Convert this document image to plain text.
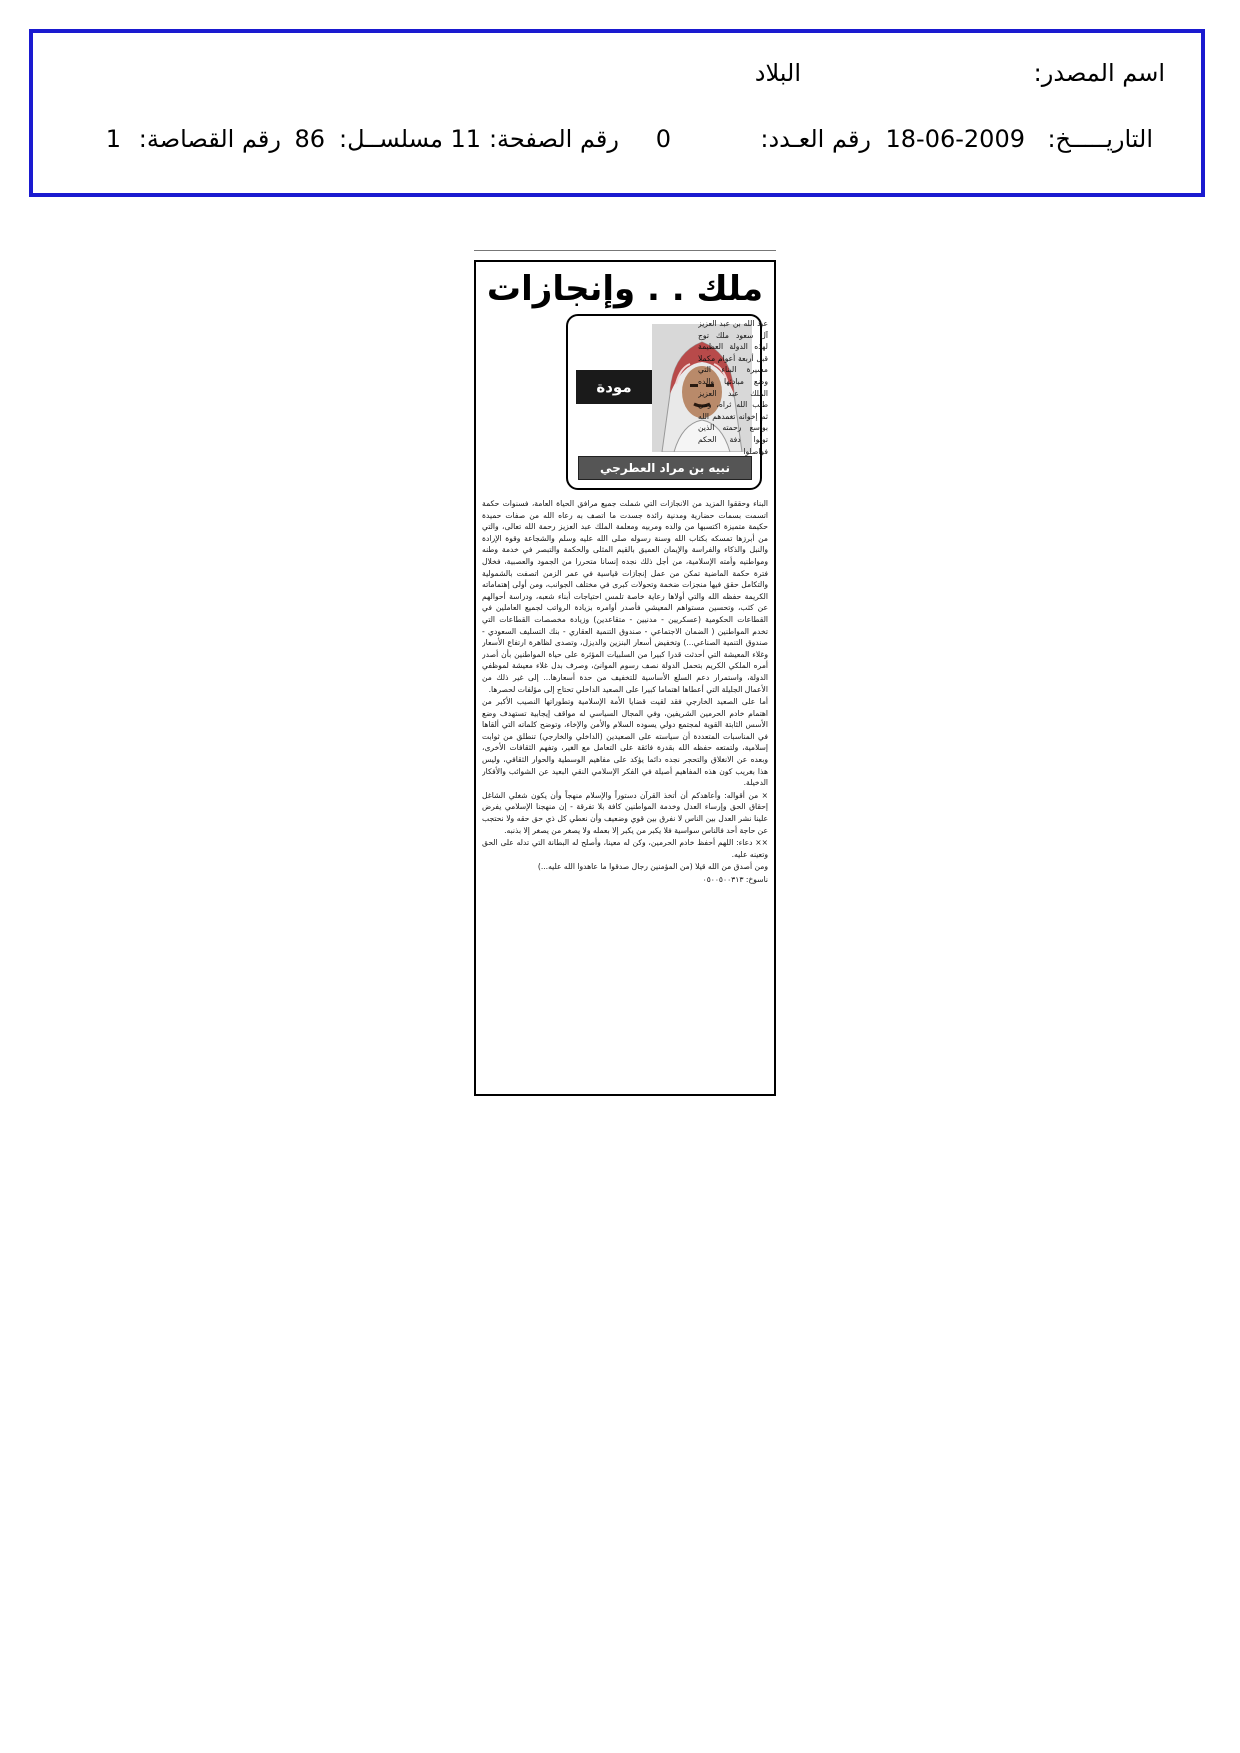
اسم المصدر:
البلاد
التاريـــــخ:
18-06-2009
رقم العـدد:
0
رقم الصفحة:
11
مسلســل:
86
رقم القصاصة:
1
ملك . . وإنجازات
مودة الفؤاد
نبيه بن مراد العطرجي

عبد الله بن عبد العزيز آل سعود ملك توج لهذه الدولة العظيمة قبل أربعة أعوام مكملا مسيرة البناء التي وضع مبادئها والده الملك عبد العزيز طيب الله ثراه، ومن ثم إخوانه تغمدهم الله بواسع رحمته الذين تولوا دفة الحكم فواصلوا

البناء وحققوا المزيد من الانجازات التي شملت جميع مرافق الحياة العامة، فسنوات حكمة اتسمت بسمات حضارية ومدنية رائدة جسدت ما اتصف به رعاه الله من صفات حميدة حكيمة متميزة اكتسبها من والده ومربيه ومعلمة الملك عبد العزيز رحمة الله تعالى، والتي من أبرزها تمسكه بكتاب الله وسنة رسوله صلى الله عليه وسلم والشجاعة وقوة الإرادة والنبل والذكاء والفراسة والإيمان العميق بالقيم المثلى والحكمة والتبصر في خدمة وطنه ومواطنيه وأمته الإسلامية، من أجل ذلك نجده إنسانا متحررا من الجمود والعصبية، فخلال فترة حكمة الماضية تمكن من عمل إنجازات قياسية في عمر الزمن اتصفت بالشمولية والتكامل حقق فيها منجزات ضخمة وتحولات كبرى في مختلف الجوانب، ومن أولى إهتماماته الكريمة حفظه الله والتي أولاها رعاية خاصة تلمس احتياجات أبناء شعبه، ودراسة أحوالهم عن كثب، وتحسين مستواهم المعيشي فأصدر أوامره بزيادة الرواتب لجميع العاملين في القطاعات الحكومية (عسكريين - مدنيين - متقاعدين) وزيادة مخصصات القطاعات التي تخدم المواطنين ( الضمان الاجتماعي - صندوق التنمية العقاري - بنك التسليف السعودي - صندوق التنمية الصناعي...) وتخفيض أسعار البنزين والديزل، وتصدى لظاهرة ارتفاع الأسعار وغلاء المعيشة التي أحدثت قدرا كبيرا من السلبيات المؤثرة على حياة المواطنين بأن أصدر أمره الملكي الكريم بتحمل الدولة نصف رسوم الموانئ، وصرف بدل غلاء معيشة لموظفي الدولة، واستمرار دعم السلع الأساسية للتخفيف من حدة أسعارها... إلى غير ذلك من الأعمال الجليلة التي أعطاها اهتماما كبيرا على الصعيد الداخلي تحتاج إلى مؤلفات لحصرها.

أما على الصعيد الخارجي فقد لقيت قضايا الأمة الإسلامية وتطوراتها النصيب الأكبر من اهتمام خادم الحرمين الشريفين، وفي المجال السياسي له مواقف إيجابية تستهدف وضع الأسس الثابتة القوية لمجتمع دولي يسوده السلام والأمن والإخاء، وتوضح كلماته التي ألقاها في المناسبات المتعددة أن سياسته على الصعيدين (الداخلي والخارجي) تنطلق من ثوابت إسلامية، ولتمتعه حفظه الله بقدرة فائقة على التعامل مع الغير، وتفهم الثقافات الأخرى، وبعده عن الانغلاق والتحجر نجده دائما يؤكد على مفاهيم الوسطية والحوار الثقافي، وليس هذا بغريب كون هذه المفاهيم أصيلة في الفكر الإسلامي النقي البعيد عن الشوائب والأفكار الدخيلة.

× من أقواله: وأعاهدكم أن أتخذ القرآن دستوراً والإسلام منهجاً وأن يكون شغلي الشاغل إحقاق الحق وإرساء العدل وخدمة المواطنين كافة بلا تفرقة - إن منهجنا الإسلامي يفرض علينا نشر العدل بين الناس لا نفرق بين قوي وضعيف وأن نعطي كل ذي حق حقه ولا نحتجب عن حاجة أحد فالناس سواسية فلا يكبر من يكبر إلا بعمله ولا يصغر من يصغر إلا بذنبه.

×× دعاء: اللهم أحفظ خادم الحرمين، وكن له معينا، وأصلح له البطانة التي تدله على الحق وتعينه عليه.

ومن أصدق من الله قيلا (من المؤمنين رجال صدقوا ما عاهدوا الله عليه...)

ناسوخ: ٠٥٠٠٥٠٠٣١٣
